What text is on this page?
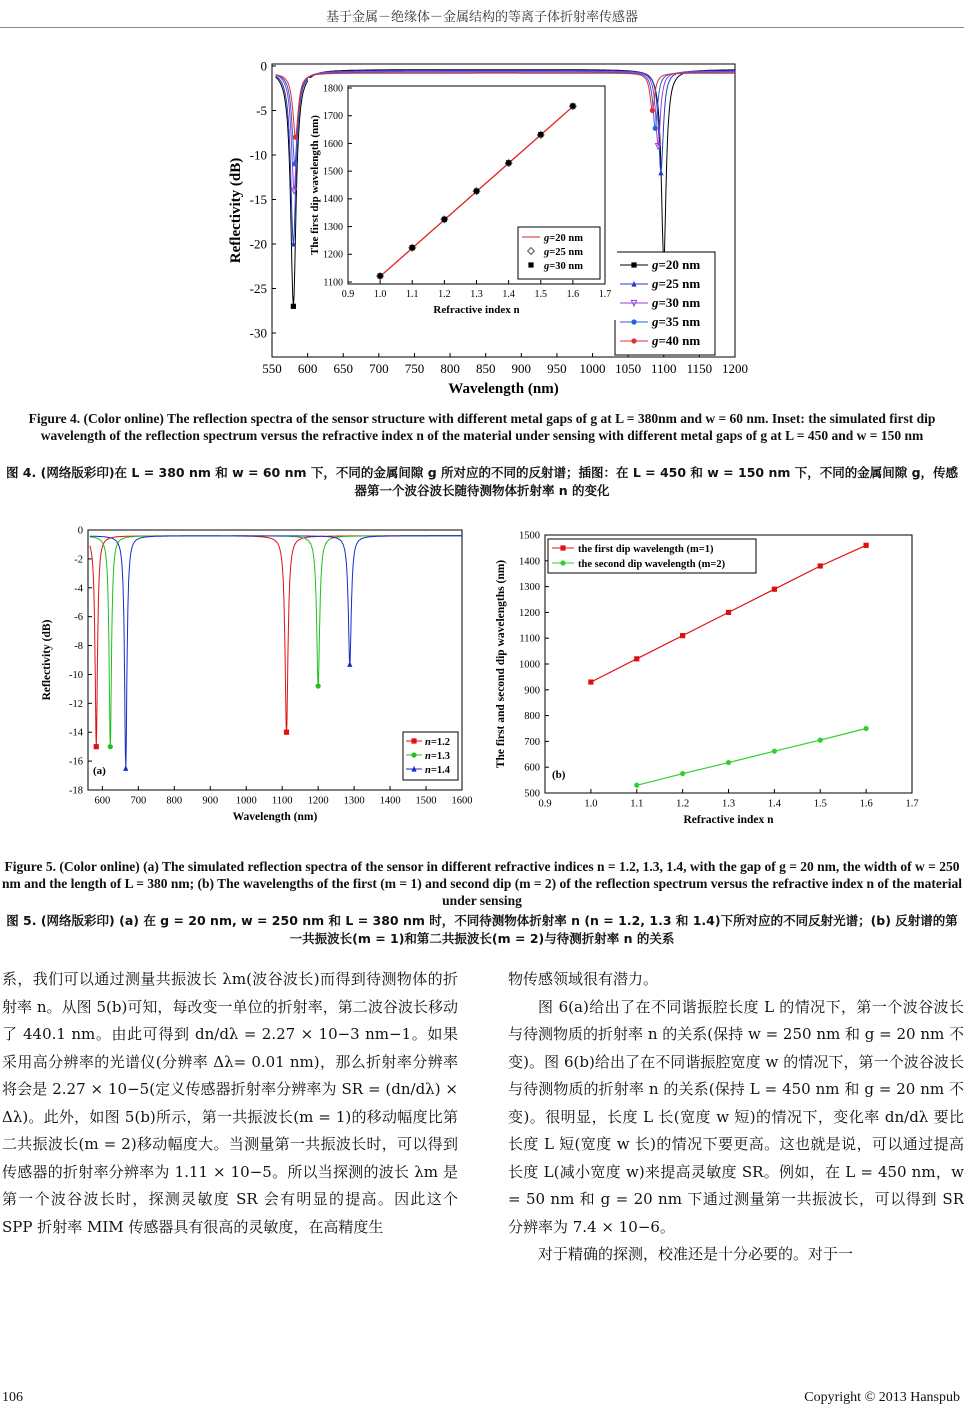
基于金属－绝缘体－金属结构的等离子体折射率传感器
550 600 650 700 750 800 850 900 950 1000 1050 1100 1150 1200
0
-5
-10
-15
-20
-25
-30
Wavelength (nm)
Reflectivity (dB)
g=20 nm
g=25 nm
g=30 nm
g=35 nm
g=40 nm
0.9 1.0 1.1 1.2 1.3 1.4 1.5 1.6 1.7
1100
1200
1300
1400
1500
1600
1700
1800
Refractive index n
The first dip wavelength (nm)	g=20 nm
g=25 nm
g=30 nm
Figure 4. (Color online) The reflection spectra of the sensor structure with different metal gaps of g at L = 380nm and w = 60 nm. Inset: the simulated first dip wavelength of the reflection spectrum versus the refractive index n of the material under sensing with different metal gaps of g at L = 450 and w = 150 nm
图 4. (网络版彩印)在 L = 380 nm 和 w = 60 nm 下，不同的金属间隙 g 所对应的不同的反射谱；插图：在 L = 450 和 w = 150 nm 下，不同的金属间隙 g，传感器第一个波谷波长随待测物体折射率 n 的变化
600 700 800 900 1000 1100 1200 1300 1400 1500 1600
0
-2
-4
-6
-8
-10
-12
-14
-16
-18
Wavelength (nm)
Reflectivity (dB)
(a)
n=1.2
n=1.3
n=1.4
0.9	1.0	1.1	1.2	1.3	1.4	1.5	1.6	1.7
500
600
700
800
900
1000
1100
1200
1300
1400
1500
Refractive index n
The first and second dip wavelengths (nm)
(b)
the first dip wavelength (m=1)
the second dip wavelength (m=2)
Figure 5. (Color online) (a) The simulated reflection spectra of the sensor in different refractive indices n = 1.2, 1.3, 1.4, with the gap of g = 20 nm, the width of w = 250 nm and the length of L = 380 nm; (b) The wavelengths of the first (m = 1) and second dip (m = 2) of the reflection spectrum versus the refractive index n of the material under sensing
图 5. (网络版彩印) (a) 在 g = 20 nm, w = 250 nm 和 L = 380 nm 时，不同待测物体折射率 n (n = 1.2, 1.3 和 1.4)下所对应的不同反射光谱；(b) 反射谱的第一共振波长(m = 1)和第二共振波长(m = 2)与待测折射率 n 的关系

系，我们可以通过测量共振波长 λm(波谷波长)而得到待测物体的折射率 n。从图 5(b)可知，每改变一单位的折射率，第二波谷波长移动了 440.1 nm。由此可得到 dn/dλ = 2.27 × 10−3 nm−1。如果采用高分辨率的光谱仪(分辨率 Δλ= 0.01 nm)，那么折射率分辨率将会是 2.27 × 10−5(定义传感器折射率分辨率为 SR = (dn/dλ) × Δλ)。此外，如图 5(b)所示，第一共振波长(m = 1)的移动幅度比第二共振波长(m = 2)移动幅度大。当测量第一共振波长时，可以得到传感器的折射率分辨率为 1.11 × 10−5。所以当探测的波长 λm 是第一个波谷波长时，探测灵敏度 SR 会有明显的提高。因此这个 SPP 折射率 MIM 传感器具有很高的灵敏度，在高精度生

物传感领域很有潜力。

图 6(a)给出了在不同谐振腔长度 L 的情况下，第一个波谷波长与待测物质的折射率 n 的关系(保持 w = 250 nm 和 g = 20 nm 不变)。图 6(b)给出了在不同谐振腔宽度 w 的情况下，第一个波谷波长与待测物质的折射率 n 的关系(保持 L = 450 nm 和 g = 20 nm 不变)。很明显，长度 L 长(宽度 w 短)的情况下，变化率 dn/dλ 要比长度 L 短(宽度 w 长)的情况下要更高。这也就是说，可以通过提高长度 L(减小宽度 w)来提高灵敏度 SR。例如，在 L = 450 nm，w = 50 nm 和 g = 20 nm 下通过测量第一共振波长，可以得到 SR 分辨率为 7.4 × 10−6。

对于精确的探测，校准还是十分必要的。对于一

106	Copyright © 2013 Hanspub
